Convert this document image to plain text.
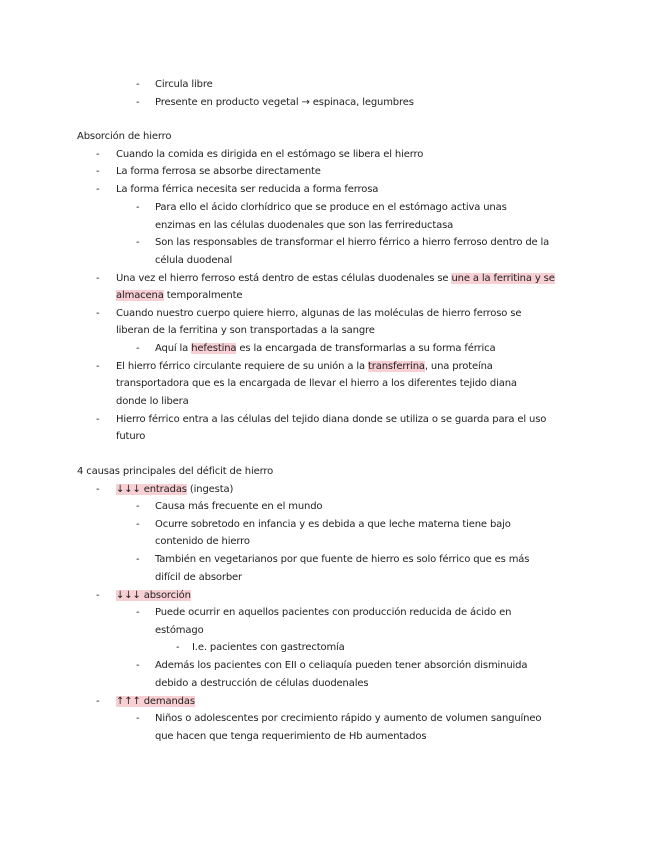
- Circula libre
- Presente en producto vegetal → espinaca, legumbres
Absorción de hierro
- Cuando la comida es dirigida en el estómago se libera el hierro
- La forma ferrosa se absorbe directamente
- La forma férrica necesita ser reducida a forma ferrosa
- Para ello el ácido clorhídrico que se produce en el estómago activa unas
enzimas en las células duodenales que son las ferrireductasa
- Son las responsables de transformar el hierro férrico a hierro ferroso dentro de la
célula duodenal
- Una vez el hierro ferroso está dentro de estas células duodenales se une a la ferritina y se
almacena temporalmente
- Cuando nuestro cuerpo quiere hierro, algunas de las moléculas de hierro ferroso se
liberan de la ferritina y son transportadas a la sangre
- Aquí la hefestina es la encargada de transformarlas a su forma férrica
- El hierro férrico circulante requiere de su unión a la transferrina, una proteína
transportadora que es la encargada de llevar el hierro a los diferentes tejido diana
donde lo libera
- Hierro férrico entra a las células del tejido diana donde se utiliza o se guarda para el uso
futuro
4 causas principales del déficit de hierro
- ↓↓↓ entradas (ingesta)
- Causa más frecuente en el mundo
- Ocurre sobretodo en infancia y es debida a que leche materna tiene bajo
contenido de hierro
- También en vegetarianos por que fuente de hierro es solo férrico que es más
difícil de absorber
- ↓↓↓ absorción
- Puede ocurrir en aquellos pacientes con producción reducida de ácido en
estómago
- I.e. pacientes con gastrectomía
- Además los pacientes con EII o celiaquía pueden tener absorción disminuida
debido a destrucción de células duodenales
- ↑↑↑ demandas
- Niños o adolescentes por crecimiento rápido y aumento de volumen sanguíneo
que hacen que tenga requerimiento de Hb aumentados
